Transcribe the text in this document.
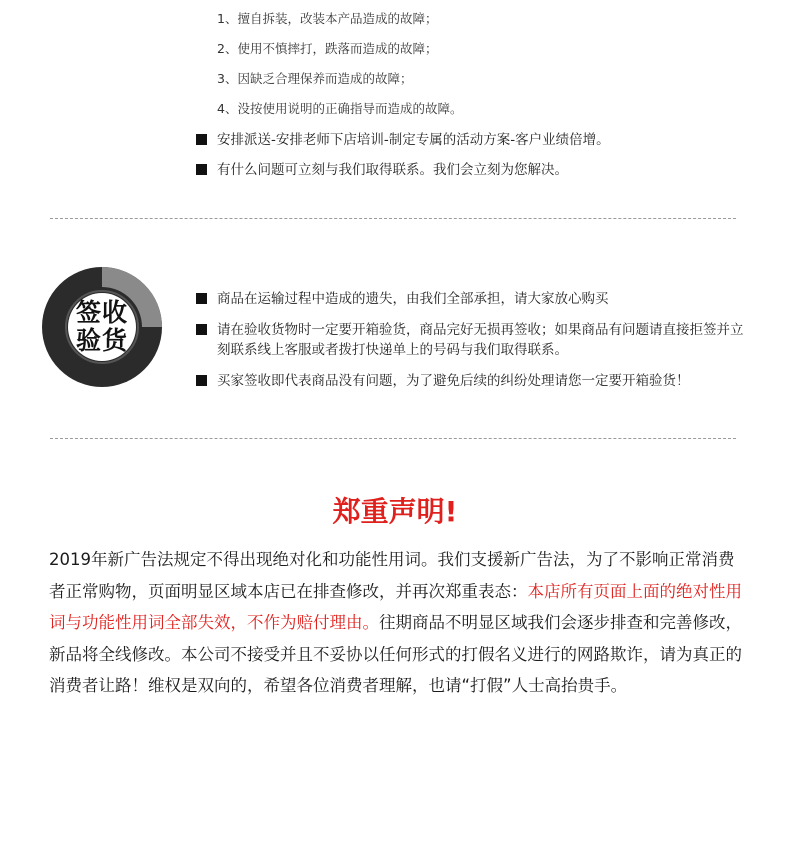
1、擅自拆装，改装本产品造成的故障；
2、使用不慎摔打，跌落而造成的故障；
3、因缺乏合理保养而造成的故障；
4、没按使用说明的正确指导而造成的故障。
安排派送-安排老师下店培训-制定专属的活动方案-客户业绩倍增。
有什么问题可立刻与我们取得联系。我们会立刻为您解决。
签收
验货
商品在运输过程中造成的遗失，由我们全部承担，请大家放心购买
请在验收货物时一定要开箱验货，商品完好无损再签收；如果商品有问题请直接拒签并立刻联系线上客服或者拨打快递单上的号码与我们取得联系。
买家签收即代表商品没有问题，为了避免后续的纠纷处理请您一定要开箱验货！
郑重声明!
2019年新广告法规定不得出现绝对化和功能性用词。我们支援新广告法，为了不影响正常消费者正常购物，页面明显区域本店已在排查修改，并再次郑重表态：本店所有页面上面的绝对性用词与功能性用词全部失效，不作为赔付理由。往期商品不明显区域我们会逐步排查和完善修改，新品将全线修改。本公司不接受并且不妥协以任何形式的打假名义进行的网路欺诈，请为真正的消费者让路！维权是双向的，希望各位消费者理解，也请“打假”人士高抬贵手。
